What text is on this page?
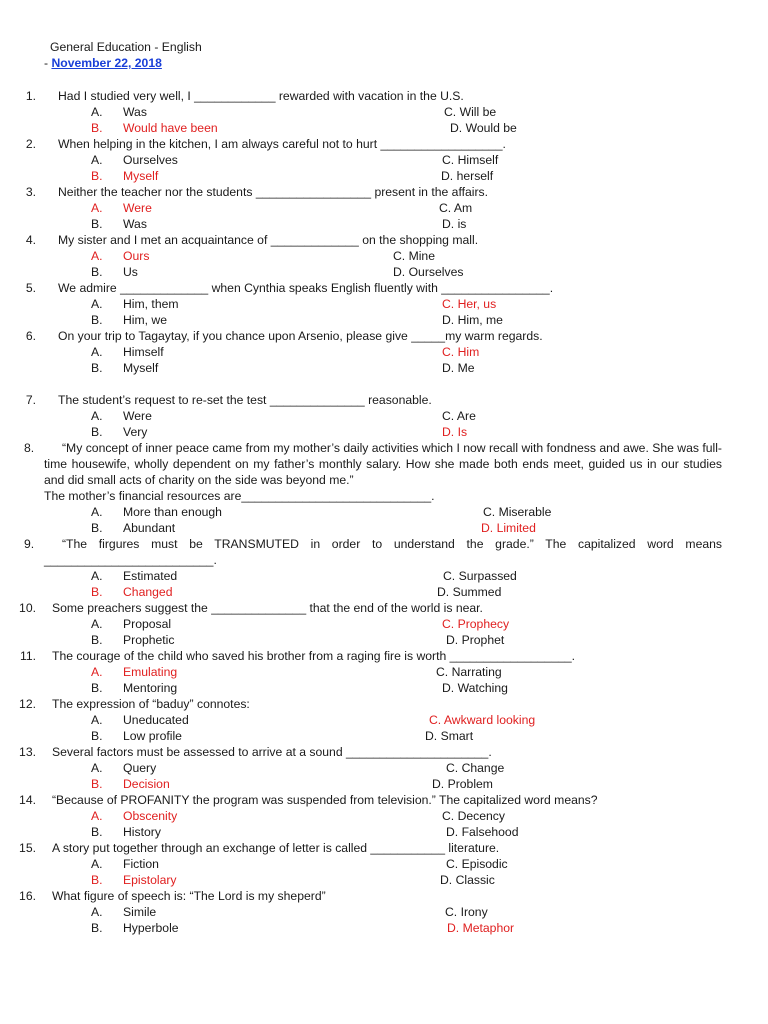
General Education - English
- November 22, 2018
1. Had I studied very well, I ____________ rewarded with vacation in the U.S.
A. Was	C. Will be
B. Would have been	D. Would be
2. When helping in the kitchen, I am always careful not to hurt __________________.
A. Ourselves	C. Himself
B. Myself	D. herself
3. Neither the teacher nor the students _________________ present in the affairs.
A. Were	C. Am
B. Was	D. is
4. My sister and I met an acquaintance of _____________ on the shopping mall.
A. Ours	C. Mine
B. Us	D. Ourselves
5. We admire _____________ when Cynthia speaks English fluently with ________________.
A. Him, them	C. Her, us
B. Him, we	D. Him, me
6. On your trip to Tagaytay, if you chance upon Arsenio, please give _____my warm regards.
A. Himself	C. Him
B. Myself	D. Me
7. The student’s request to re-set the test ______________ reasonable.
A. Were	C. Are
B. Very	D. Is
8. “My concept of inner peace came from my mother’s daily activities which I now recall with fondness and awe. She was full-time housewife, wholly dependent on my father’s monthly salary. How she made both ends meet, guided us in our studies and did small acts of charity on the side was beyond me.”
The mother’s financial resources are____________________________.
A. More than enough	C. Miserable
B. Abundant	D. Limited
9. “The firgures must be TRANSMUTED in order to understand the grade.” The capitalized word means _________________________.
A. Estimated	C. Surpassed
B. Changed	D. Summed
10. Some preachers suggest the ______________ that the end of the world is near.
A. Proposal	C. Prophecy
B. Prophetic	D. Prophet
11. The courage of the child who saved his brother from a raging fire is worth __________________.
A. Emulating	C. Narrating
B. Mentoring	D. Watching
12. The expression of “baduy” connotes:
A. Uneducated	C. Awkward looking
B. Low profile	D. Smart
13. Several factors must be assessed to arrive at a sound _____________________.
A. Query	C. Change
B. Decision	D. Problem
14. “Because of PROFANITY the program was suspended from television.” The capitalized word means?
A. Obscenity	C. Decency
B. History	D. Falsehood
15. A story put together through an exchange of letter is called ___________ literature.
A. Fiction	C. Episodic
B. Epistolary	D. Classic
16. What figure of speech is: “The Lord is my sheperd”
A. Simile	C. Irony
B. Hyperbole	D. Metaphor
